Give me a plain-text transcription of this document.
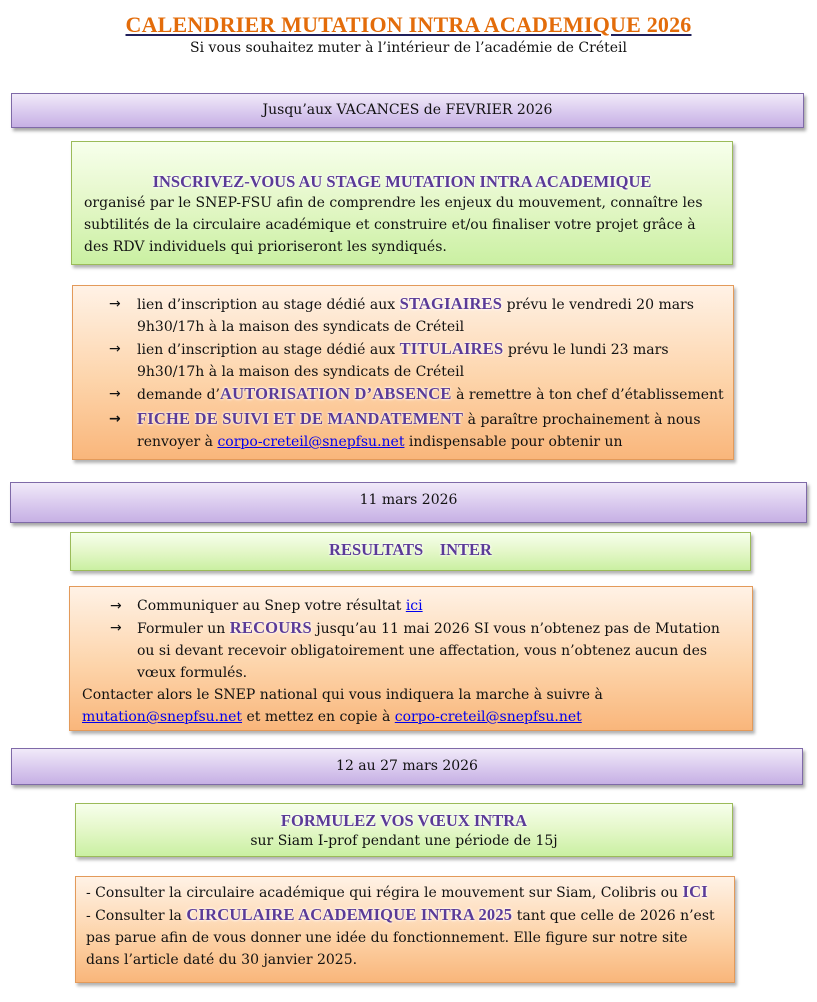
CALENDRIER MUTATION INTRA ACADEMIQUE 2026
Si vous souhaitez muter à l’intérieur de l’académie de Créteil
Jusqu’aux VACANCES de FEVRIER 2026
INSCRIVEZ-VOUS AU STAGE MUTATION INTRA ACADEMIQUE
organisé par le SNEP-FSU afin de comprendre les enjeux du mouvement, connaître les subtilités de la circulaire académique et construire et/ou finaliser votre projet grâce à des RDV individuels qui prioriseront les syndiqués.
→ lien d’inscription au stage dédié aux STAGIAIRES prévu le vendredi 20 mars 9h30/17h à la maison des syndicats de Créteil
→ lien d’inscription au stage dédié aux TITULAIRES prévu le lundi 23 mars 9h30/17h à la maison des syndicats de Créteil
→ demande d’AUTORISATION D’ABSENCE à remettre à ton chef d’établissement
→ FICHE DE SUIVI ET DE MANDATEMENT à paraître prochainement à nous renvoyer à corpo-creteil@snepfsu.net indispensable pour obtenir un
11 mars 2026
RESULTATS    INTER
→ Communiquer au Snep votre résultat ici
→ Formuler un RECOURS jusqu’au 11 mai 2026 SI vous n’obtenez pas de Mutation ou si devant recevoir obligatoirement une affectation, vous n’obtenez aucun des vœux formulés.
Contacter alors le SNEP national qui vous indiquera la marche à suivre à mutation@snepfsu.net et mettez en copie à corpo-creteil@snepfsu.net
12 au 27 mars 2026
FORMULEZ VOS VŒUX INTRA
sur Siam I-prof pendant une période de 15j
- Consulter la circulaire académique qui régira le mouvement sur Siam, Colibris ou ICI
- Consulter la CIRCULAIRE ACADEMIQUE INTRA 2025 tant que celle de 2026 n’est pas parue afin de vous donner une idée du fonctionnement. Elle figure sur notre site dans l’article daté du 30 janvier 2025.
